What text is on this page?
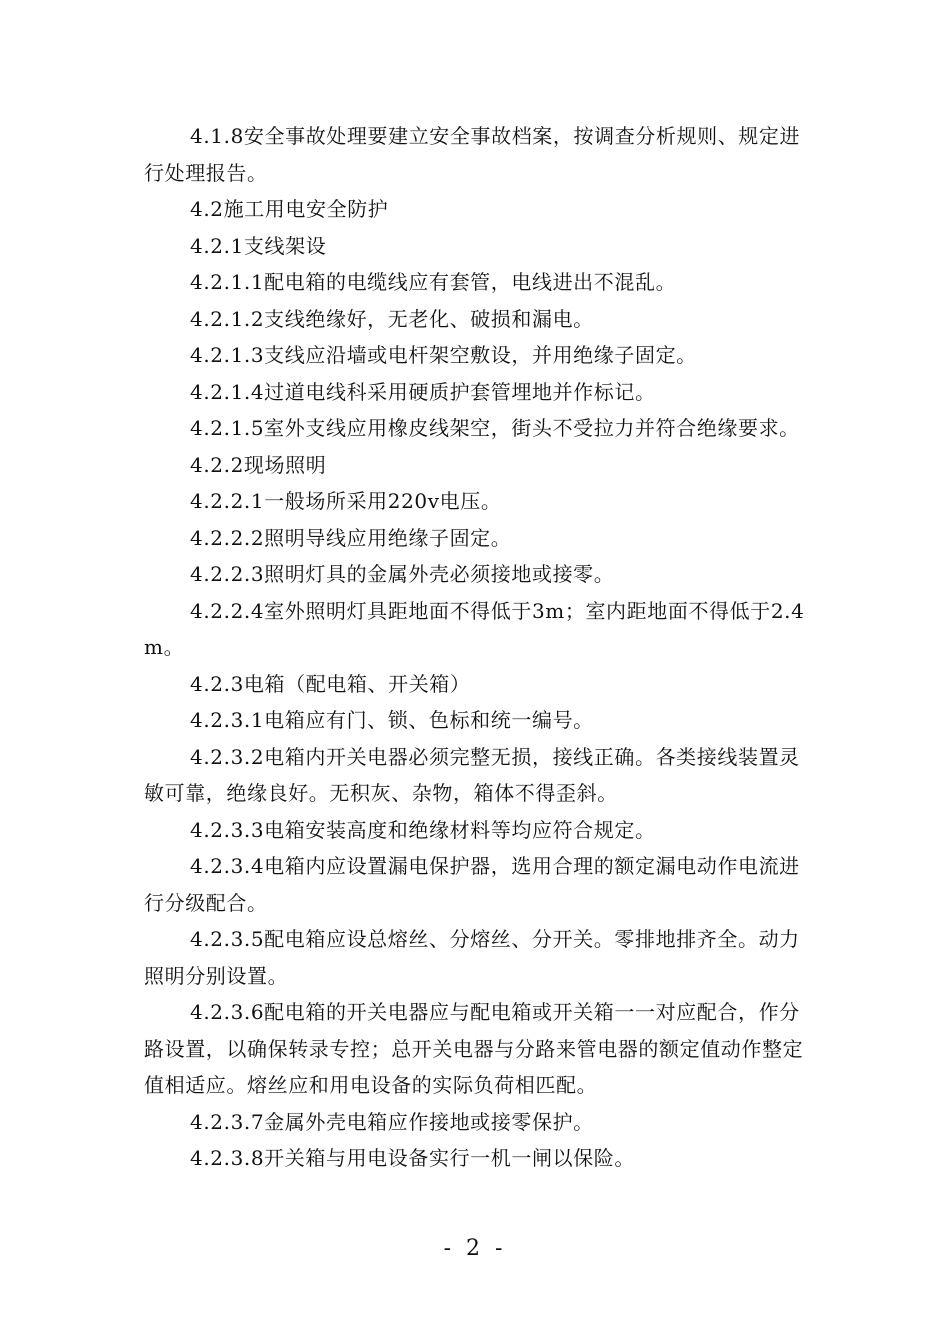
4.1.8安全事故处理要建立安全事故档案，按调查分析规则、规定进行处理报告。

4.2施工用电安全防护

4.2.1支线架设

4.2.1.1配电箱的电缆线应有套管，电线进出不混乱。

4.2.1.2支线绝缘好，无老化、破损和漏电。

4.2.1.3支线应沿墙或电杆架空敷设，并用绝缘子固定。

4.2.1.4过道电线科采用硬质护套管埋地并作标记。

4.2.1.5室外支线应用橡皮线架空，街头不受拉力并符合绝缘要求。

4.2.2现场照明

4.2.2.1一般场所采用220v电压。

4.2.2.2照明导线应用绝缘子固定。

4.2.2.3照明灯具的金属外壳必须接地或接零。

4.2.2.4室外照明灯具距地面不得低于3m；室内距地面不得低于2.4m。

4.2.3电箱（配电箱、开关箱）

4.2.3.1电箱应有门、锁、色标和统一编号。

4.2.3.2电箱内开关电器必须完整无损，接线正确。各类接线装置灵敏可靠，绝缘良好。无积灰、杂物，箱体不得歪斜。

4.2.3.3电箱安装高度和绝缘材料等均应符合规定。

4.2.3.4电箱内应设置漏电保护器，选用合理的额定漏电动作电流进行分级配合。

4.2.3.5配电箱应设总熔丝、分熔丝、分开关。零排地排齐全。动力照明分别设置。

4.2.3.6配电箱的开关电器应与配电箱或开关箱一一对应配合，作分路设置，以确保转录专控；总开关电器与分路来管电器的额定值动作整定值相适应。熔丝应和用电设备的实际负荷相匹配。

4.2.3.7金属外壳电箱应作接地或接零保护。

4.2.3.8开关箱与用电设备实行一机一闸以保险。

- 2 -
